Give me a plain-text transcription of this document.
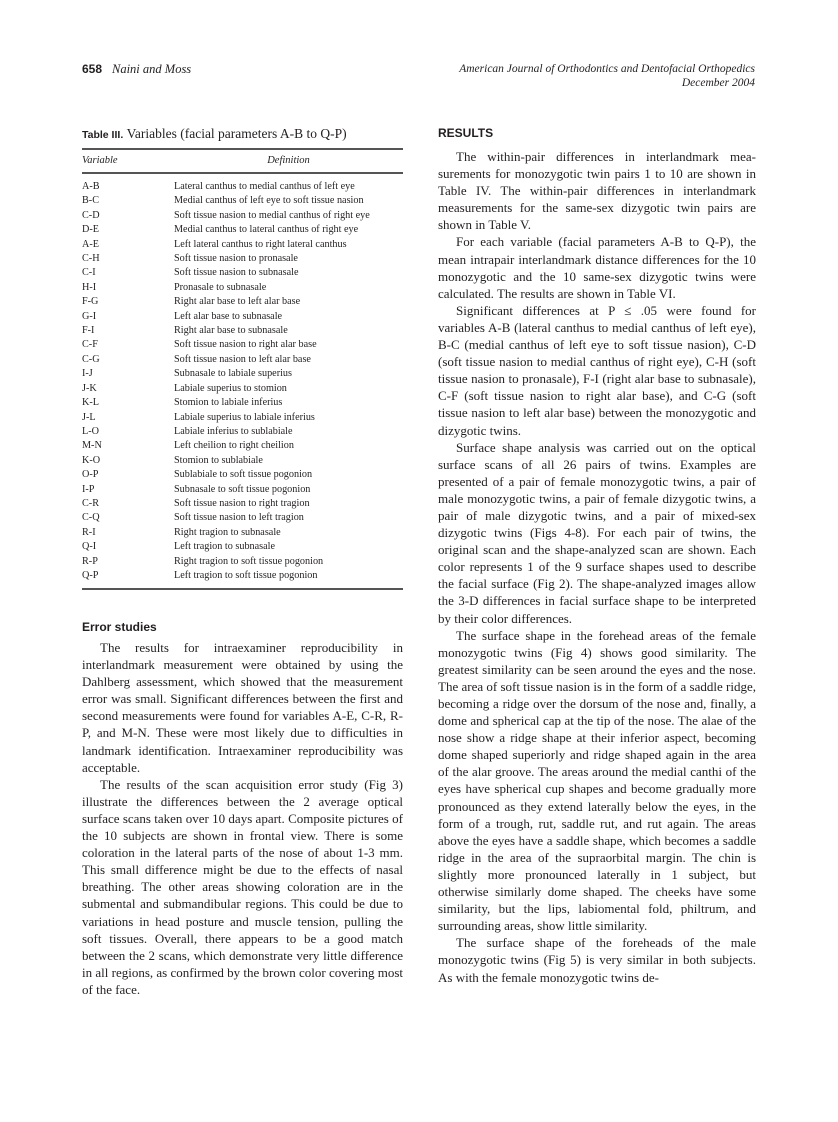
658 Naini and Moss	American Journal of Orthodontics and Dentofacial Orthopedics
December 2004
Table III. Variables (facial parameters A-B to Q-P)
Variable	Definition
A-B	Lateral canthus to medial canthus of left eye
B-C	Medial canthus of left eye to soft tissue nasion
C-D	Soft tissue nasion to medial canthus of right eye
D-E	Medial canthus to lateral canthus of right eye
A-E	Left lateral canthus to right lateral canthus
C-H	Soft tissue nasion to pronasale
C-I	Soft tissue nasion to subnasale
H-I	Pronasale to subnasale
F-G	Right alar base to left alar base
G-I	Left alar base to subnasale
F-I	Right alar base to subnasale
C-F	Soft tissue nasion to right alar base
C-G	Soft tissue nasion to left alar base
I-J	Subnasale to labiale superius
J-K	Labiale superius to stomion
K-L	Stomion to labiale inferius
J-L	Labiale superius to labiale inferius
L-O	Labiale inferius to sublabiale
M-N	Left cheilion to right cheilion
K-O	Stomion to sublabiale
O-P	Sublabiale to soft tissue pogonion
I-P	Subnasale to soft tissue pogonion
C-R	Soft tissue nasion to right tragion
C-Q	Soft tissue nasion to left tragion
R-I	Right tragion to subnasale
Q-I	Left tragion to subnasale
R-P	Right tragion to soft tissue pogonion
Q-P	Left tragion to soft tissue pogonion
Error studies

The results for intraexaminer reproducibility in interlandmark measurement were obtained by using the Dahlberg assessment, which showed that the measurement error was small. Significant differences between the first and second measurements were found for variables A-E, C-R, R-P, and M-N. These were most likely due to difficulties in landmark identification. Intraexaminer reproducibility was acceptable.

The results of the scan acquisition error study (Fig 3) illustrate the differences between the 2 average optical surface scans taken over 10 days apart. Composite pictures of the 10 subjects are shown in frontal view. There is some coloration in the lateral parts of the nose of about 1-3 mm. This small difference might be due to the effects of nasal breathing. The other areas showing coloration are in the submental and submandibular regions. This could be due to variations in head posture and muscle tension, pulling the soft tissues. Overall, there appears to be a good match between the 2 scans, which demonstrate very little difference in all regions, as confirmed by the brown color covering most of the face.

RESULTS

The within-pair differences in interlandmark measurements for monozygotic twin pairs 1 to 10 are shown in Table IV. The within-pair differences in interlandmark measurements for the same-sex dizygotic twin pairs are shown in Table V.

For each variable (facial parameters A-B to Q-P), the mean intrapair interlandmark distance differences for the 10 monozygotic and the 10 same-sex dizygotic twins were calculated. The results are shown in Table VI.

Significant differences at P ≤ .05 were found for variables A-B (lateral canthus to medial canthus of left eye), B-C (medial canthus of left eye to soft tissue nasion), C-D (soft tissue nasion to medial canthus of right eye), C-H (soft tissue nasion to pronasale), F-I (right alar base to subnasale), C-F (soft tissue nasion to right alar base), and C-G (soft tissue nasion to left alar base) between the monozygotic and dizygotic twins.

Surface shape analysis was carried out on the optical surface scans of all 26 pairs of twins. Examples are presented of a pair of female monozygotic twins, a pair of male monozygotic twins, a pair of female dizygotic twins, a pair of male dizygotic twins, and a pair of mixed-sex dizygotic twins (Figs 4-8). For each pair of twins, the original scan and the shape-analyzed scan are shown. Each color represents 1 of the 9 surface shapes used to describe the facial surface (Fig 2). The shape-analyzed images allow the 3-D differences in facial surface shape to be interpreted by their color differences.

The surface shape in the forehead areas of the female monozygotic twins (Fig 4) shows good similarity. The greatest similarity can be seen around the eyes and the nose. The area of soft tissue nasion is in the form of a saddle ridge, becoming a ridge over the dorsum of the nose and, finally, a dome and spherical cap at the tip of the nose. The alae of the nose show a ridge shape at their inferior aspect, becoming dome shaped superiorly and ridge shaped again in the area of the alar groove. The areas around the medial canthi of the eyes have spherical cup shapes and become gradually more pronounced as they extend laterally below the eyes, in the form of a trough, rut, saddle rut, and rut again. The areas above the eyes have a saddle shape, which becomes a saddle ridge in the area of the supraorbital margin. The chin is slightly more pronounced laterally in 1 subject, but otherwise similarly dome shaped. The cheeks have some similarity, but the lips, labiomental fold, philtrum, and surrounding areas, show little similarity.

The surface shape of the foreheads of the male monozygotic twins (Fig 5) is very similar in both subjects. As with the female monozygotic twins de-
